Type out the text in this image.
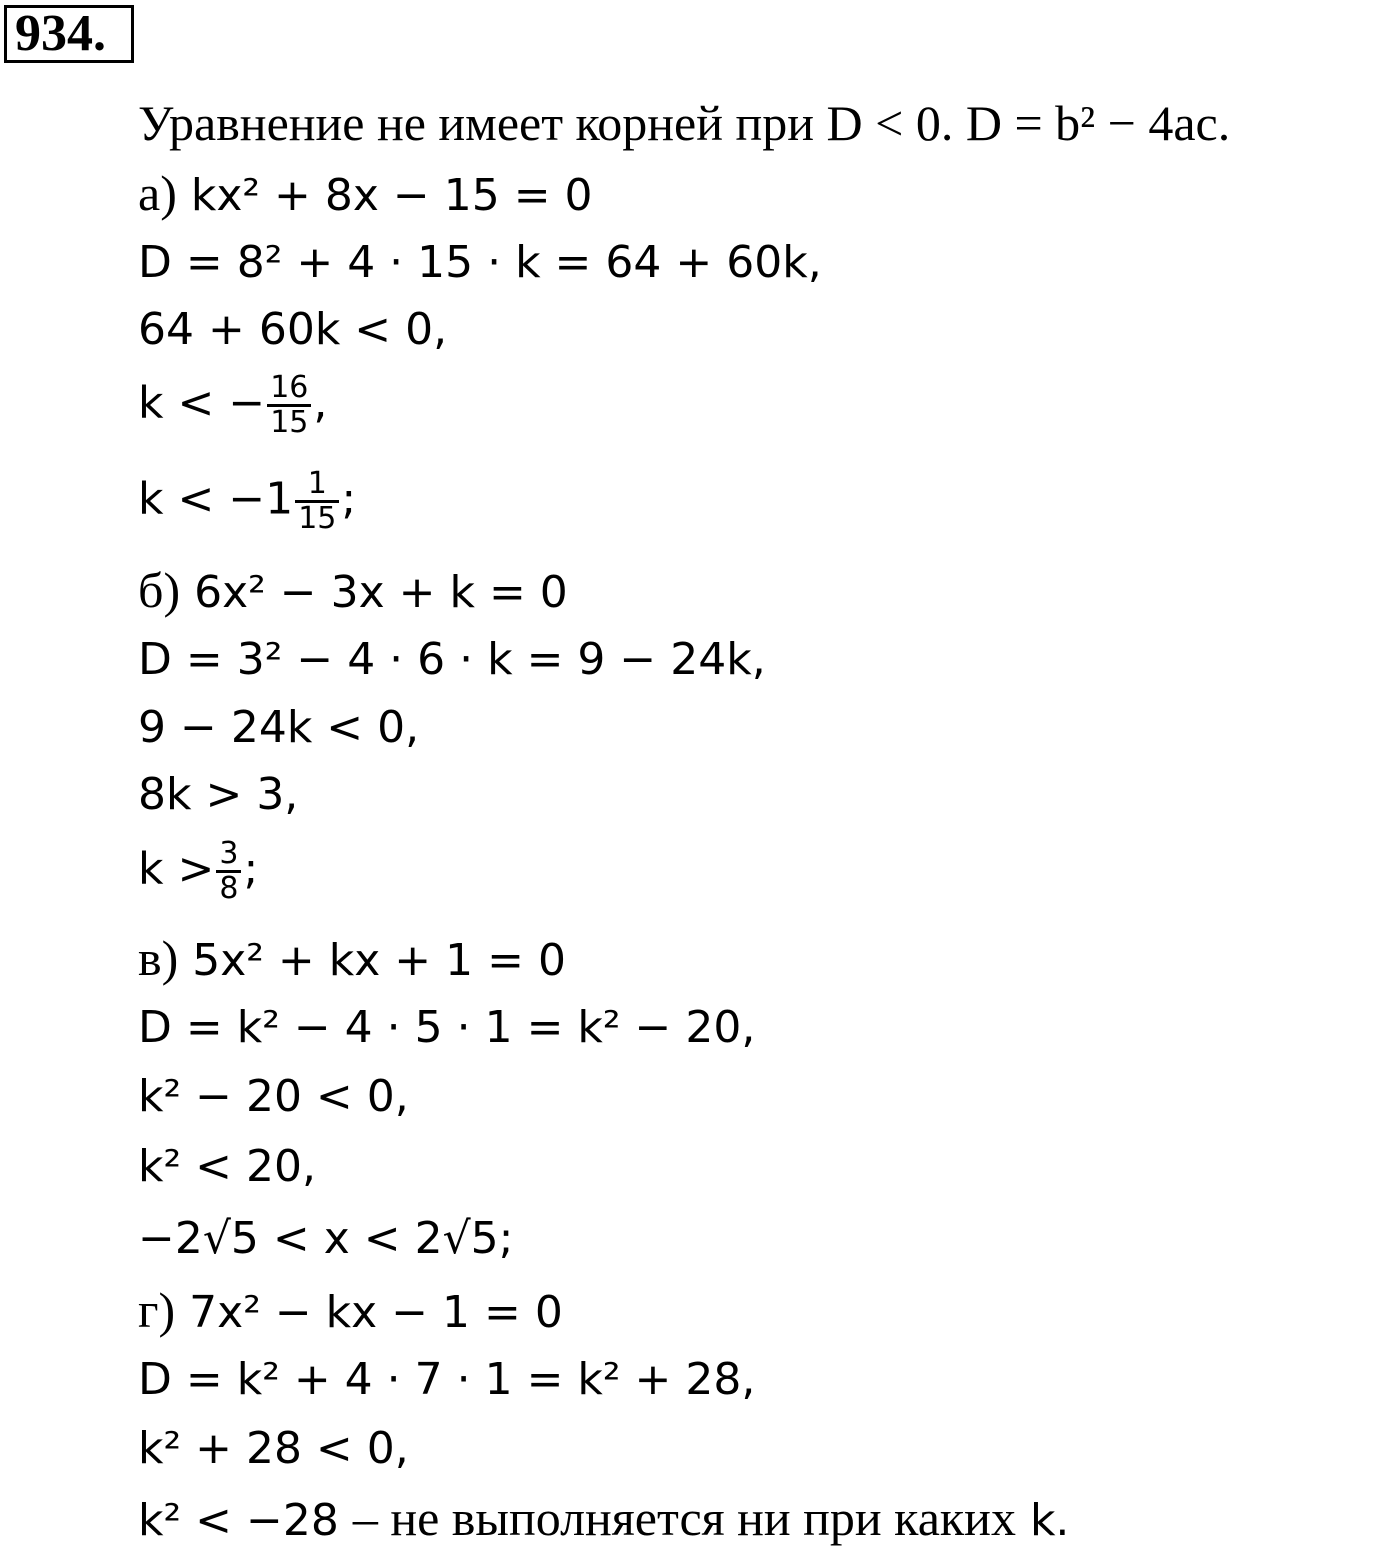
934.
Уравнение не имеет корней при D < 0. D = b² − 4ac.
а) kx² + 8x − 15 = 0
D = 8² + 4 · 15 · k = 64 + 60k,
64 + 60k < 0,
k < − $\frac{16}{15}$ ,
$k < -1 \frac{1}{15}$ ;
б) 6x² − 3x + k = 0
D = 3² − 4 · 6 · k = 9 − 24k,
9 − 24k < 0,
8k > 3,
$k > \frac{3}{8}$ ;
в) 5x² + kx + 1 = 0
D = k² − 4 · 5 · 1 = k² − 20,
k² − 20 < 0,
k² < 20,
−2√5 < x < 2√5;
г) 7x² − kx − 1 = 0
D = k² + 4 · 7 · 1 = k² + 28,
k² + 28 < 0,
k² < −28 – не выполняется ни при каких k.
